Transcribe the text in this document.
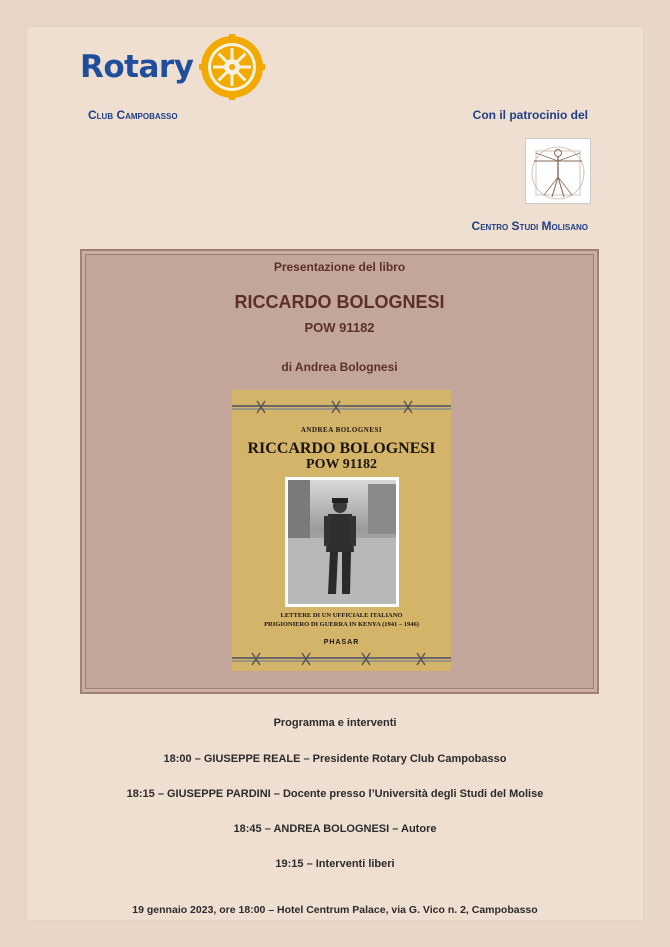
Rotary
Club Campobasso	Con il patrocinio del
Centro Studi Molisano
Presentazione del libro
RICCARDO BOLOGNESI
POW 91182
di Andrea Bolognesi
ANDREA BOLOGNESI
RICCARDO BOLOGNESI
POW 91182
LETTERE DI UN UFFICIALE ITALIANO
PRIGIONIERO DI GUERRA IN KENYA (1941 – 1946)
PHASAR
Programma e interventi
18:00 – GIUSEPPE REALE – Presidente Rotary Club Campobasso
18:15 – GIUSEPPE PARDINI – Docente presso l’Università degli Studi del Molise
18:45 – ANDREA BOLOGNESI – Autore
19:15 – Interventi liberi
19 gennaio 2023, ore 18:00 – Hotel Centrum Palace, via G. Vico n. 2, Campobasso
